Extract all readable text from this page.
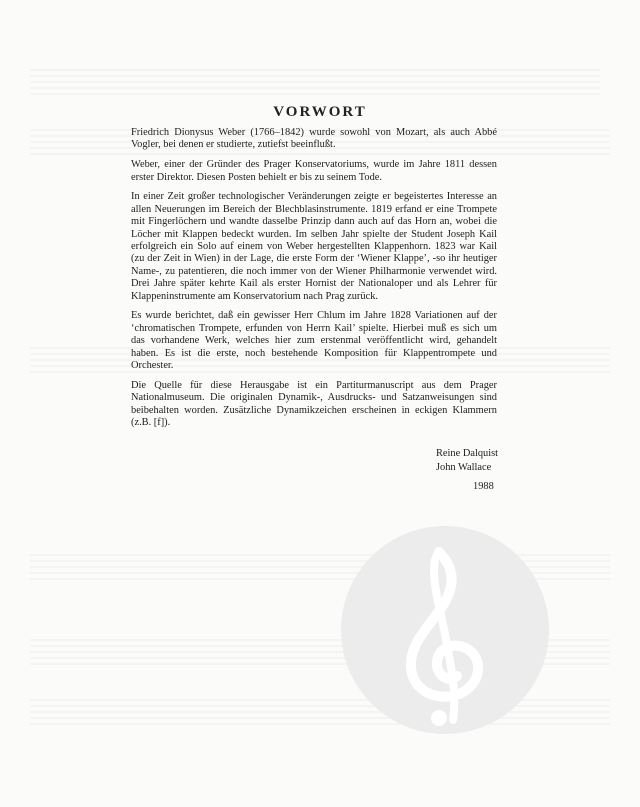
VORWORT

Friedrich Dionysus Weber (1766–1842) wurde sowohl von Mozart, als auch Abbé Vogler, bei denen er studierte, zutiefst beeinflußt.

Weber, einer der Gründer des Prager Konservatoriums, wurde im Jahre 1811 dessen erster Direktor. Diesen Posten behielt er bis zu seinem Tode.

In einer Zeit großer technologischer Veränderungen zeigte er begeistertes Interesse an allen Neuerungen im Bereich der Blechblasinstrumente. 1819 erfand er eine Trompete mit Fingerlöchern und wandte dasselbe Prinzip dann auch auf das Horn an, wobei die Löcher mit Klappen bedeckt wurden. Im selben Jahr spielte der Student Joseph Kail erfolgreich ein Solo auf einem von Weber hergestellten Klappenhorn. 1823 war Kail (zu der Zeit in Wien) in der Lage, die erste Form der ‘Wiener Klappe’, -so ihr heutiger Name-, zu patentieren, die noch immer von der Wiener Philharmonie verwendet wird. Drei Jahre später kehrte Kail als erster Hornist der Nationaloper und als Lehrer für Klappeninstrumente am Konservatorium nach Prag zurück.

Es wurde berichtet, daß ein gewisser Herr Chlum im Jahre 1828 Variationen auf der ‘chromatischen Trompete, erfunden von Herrn Kail’ spielte. Hierbei muß es sich um das vorhandene Werk, welches hier zum erstenmal veröffentlicht wird, gehandelt haben. Es ist die erste, noch bestehende Komposition für Klappentrompete und Orchester.

Die Quelle für diese Herausgabe ist ein Partiturmanuscript aus dem Prager Nationalmuseum. Die originalen Dynamik-, Ausdrucks- und Satzanweisungen sind beibehalten worden. Zusätzliche Dynamikzeichen erscheinen in eckigen Klammern (z.B. [f]).

Reine Dalquist
John Wallace
1988
